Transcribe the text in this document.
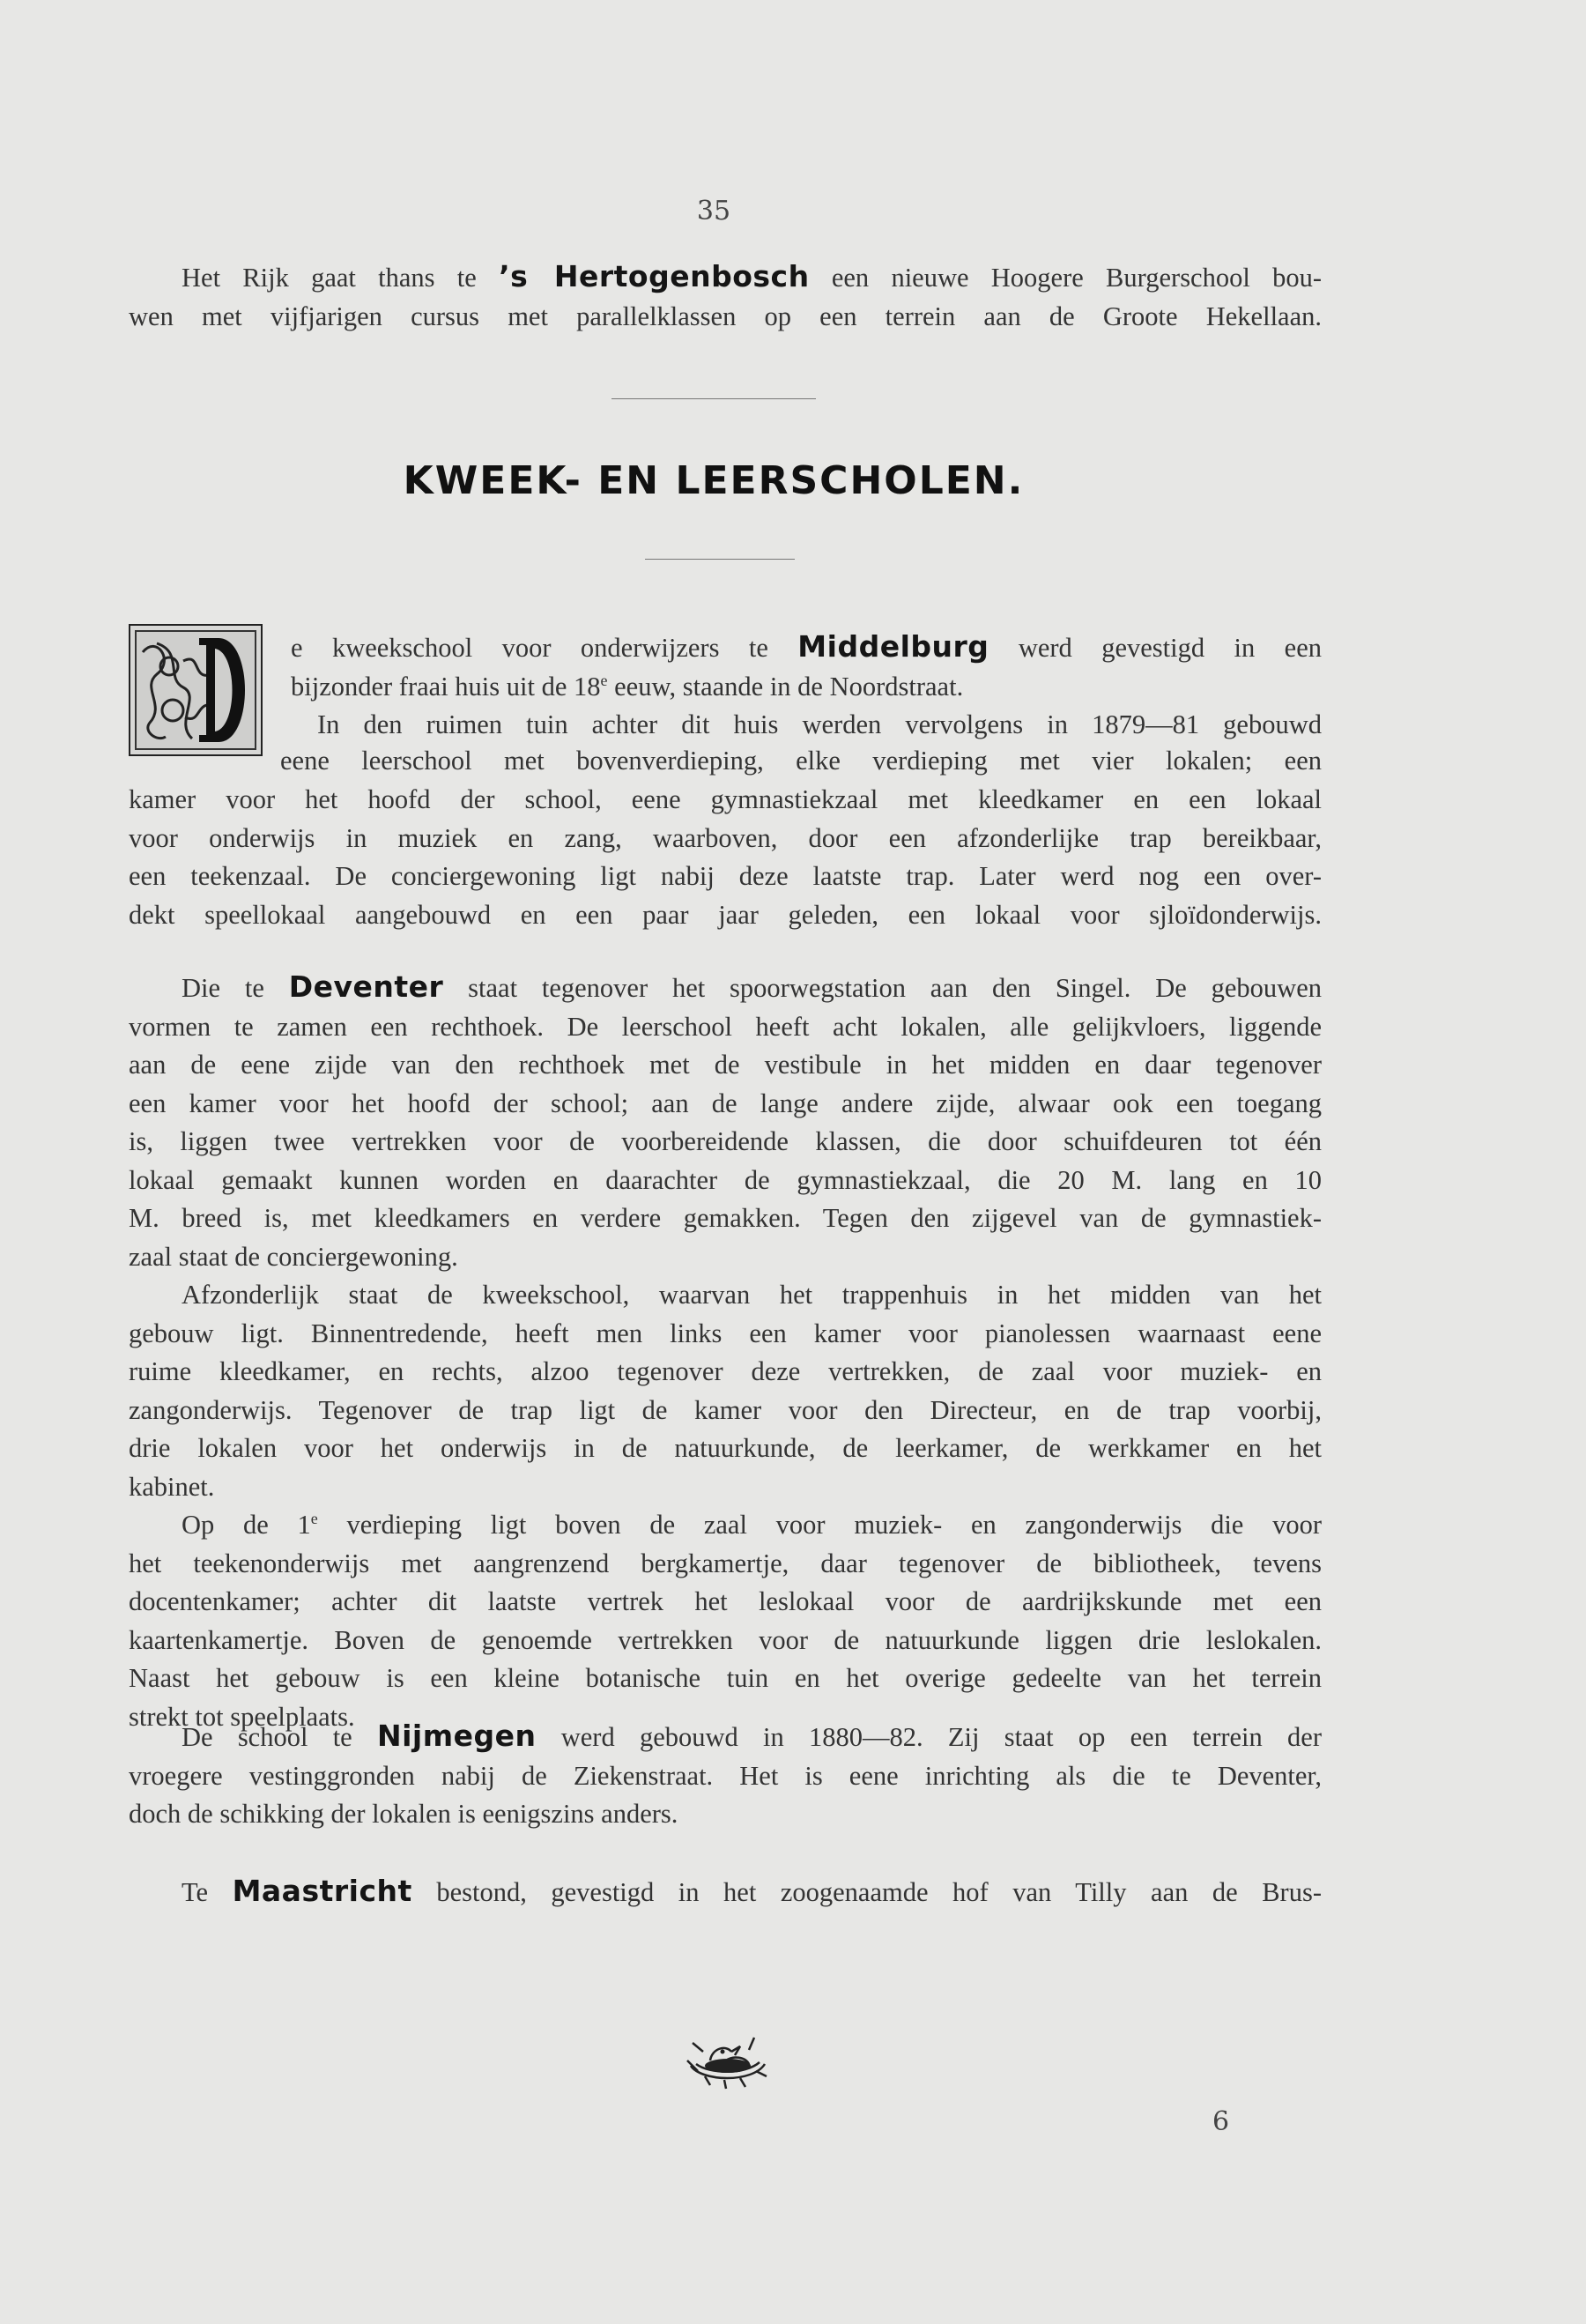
35
Het Rijk gaat thans te ’s Hertogenbosch een nieuwe Hoogere Burgerschool bou-
wen met vijfjarigen cursus met parallelklassen op een terrein aan de Groote Hekellaan.
KWEEK- EN LEERSCHOLEN.
e kweekschool voor onderwijzers te Middelburg werd gevestigd in een
bijzonder fraai huis uit de 18e eeuw, staande in de Noordstraat.
In den ruimen tuin achter dit huis werden vervolgens in 1879—81 gebouwd
eene leerschool met bovenverdieping, elke verdieping met vier lokalen; een
kamer voor het hoofd der school, eene gymnastiekzaal met kleedkamer en een lokaal
voor onderwijs in muziek en zang, waarboven, door een afzonderlijke trap bereikbaar,
een teekenzaal. De conciergewoning ligt nabij deze laatste trap. Later werd nog een over-
dekt speellokaal aangebouwd en een paar jaar geleden, een lokaal voor sjloïdonderwijs.
Die te Deventer staat tegenover het spoorwegstation aan den Singel. De gebouwen
vormen te zamen een rechthoek. De leerschool heeft acht lokalen, alle gelijkvloers, liggende
aan de eene zijde van den rechthoek met de vestibule in het midden en daar tegenover
een kamer voor het hoofd der school; aan de lange andere zijde, alwaar ook een toegang
is, liggen twee vertrekken voor de voorbereidende klassen, die door schuifdeuren tot één
lokaal gemaakt kunnen worden en daarachter de gymnastiekzaal, die 20 M. lang en 10
M. breed is, met kleedkamers en verdere gemakken. Tegen den zijgevel van de gymnastiek-
zaal staat de conciergewoning.
Afzonderlijk staat de kweekschool, waarvan het trappenhuis in het midden van het
gebouw ligt. Binnentredende, heeft men links een kamer voor pianolessen waarnaast eene
ruime kleedkamer, en rechts, alzoo tegenover deze vertrekken, de zaal voor muziek- en
zangonderwijs. Tegenover de trap ligt de kamer voor den Directeur, en de trap voorbij,
drie lokalen voor het onderwijs in de natuurkunde, de leerkamer, de werkkamer en het
kabinet.
Op de 1e verdieping ligt boven de zaal voor muziek- en zangonderwijs die voor
het teekenonderwijs met aangrenzend bergkamertje, daar tegenover de bibliotheek, tevens
docentenkamer; achter dit laatste vertrek het leslokaal voor de aardrijkskunde met een
kaartenkamertje. Boven de genoemde vertrekken voor de natuurkunde liggen drie leslokalen.
Naast het gebouw is een kleine botanische tuin en het overige gedeelte van het terrein
strekt tot speelplaats.
De school te Nijmegen werd gebouwd in 1880—82. Zij staat op een terrein der
vroegere vestinggronden nabij de Ziekenstraat. Het is eene inrichting als die te Deventer,
doch de schikking der lokalen is eenigszins anders.
Te Maastricht bestond, gevestigd in het zoogenaamde hof van Tilly aan de Brus-
6
